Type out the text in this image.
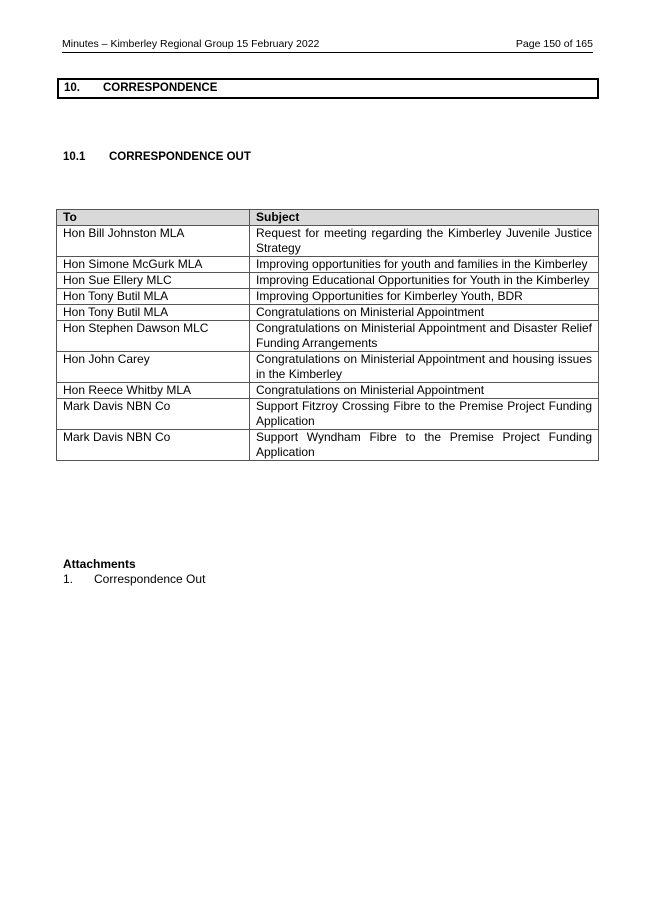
Minutes – Kimberley Regional Group 15 February 2022	Page 150 of 165
10. CORRESPONDENCE
10.1 CORRESPONDENCE OUT
To	Subject
Hon Bill Johnston MLA	Request for meeting regarding the Kimberley Juvenile Justice Strategy
Hon Simone McGurk MLA	Improving opportunities for youth and families in the Kimberley
Hon Sue Ellery MLC	Improving Educational Opportunities for Youth in the Kimberley
Hon Tony Butil MLA	Improving Opportunities for Kimberley Youth, BDR
Hon Tony Butil MLA	Congratulations on Ministerial Appointment
Hon Stephen Dawson MLC	Congratulations on Ministerial Appointment and Disaster Relief Funding Arrangements
Hon John Carey	Congratulations on Ministerial Appointment and housing issues in the Kimberley
Hon Reece Whitby MLA	Congratulations on Ministerial Appointment
Mark Davis NBN Co	Support Fitzroy Crossing Fibre to the Premise Project Funding Application
Mark Davis NBN Co	Support Wyndham Fibre to the Premise Project Funding Application
Attachments
1. Correspondence Out
